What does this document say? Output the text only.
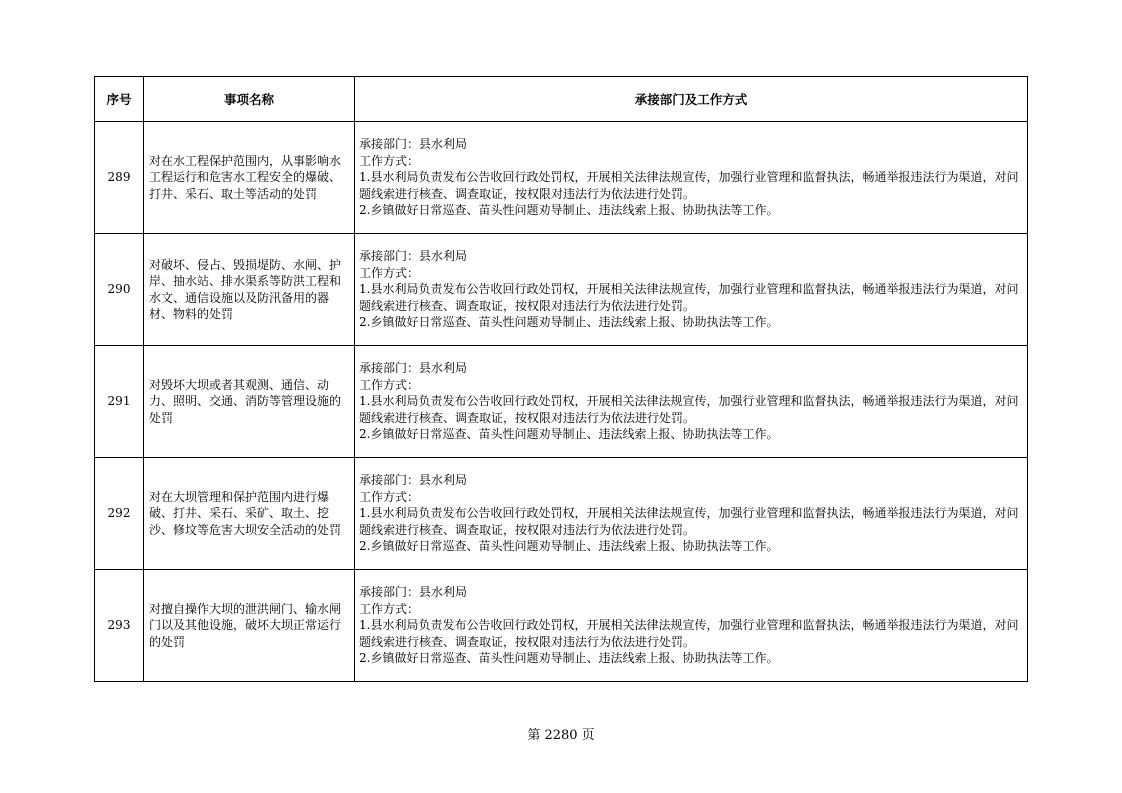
序号	事项名称	承接部门及工作方式
289	对在水工程保护范围内，从事影响水工程运行和危害水工程安全的爆破、打井、采石、取土等活动的处罚	承接部门：县水利局
工作方式：
1.县水利局负责发布公告收回行政处罚权，开展相关法律法规宣传，加强行业管理和监督执法，畅通举报违法行为渠道，对问题线索进行核查、调查取证，按权限对违法行为依法进行处罚。
2.乡镇做好日常巡查、苗头性问题劝导制止、违法线索上报、协助执法等工作。

290	对破坏、侵占、毁损堤防、水闸、护岸、抽水站、排水渠系等防洪工程和水文、通信设施以及防汛备用的器材、物料的处罚	承接部门：县水利局
工作方式：
1.县水利局负责发布公告收回行政处罚权，开展相关法律法规宣传，加强行业管理和监督执法，畅通举报违法行为渠道，对问题线索进行核查、调查取证，按权限对违法行为依法进行处罚。
2.乡镇做好日常巡查、苗头性问题劝导制止、违法线索上报、协助执法等工作。

291	对毁坏大坝或者其观测、通信、动力、照明、交通、消防等管理设施的处罚	承接部门：县水利局
工作方式：
1.县水利局负责发布公告收回行政处罚权，开展相关法律法规宣传，加强行业管理和监督执法，畅通举报违法行为渠道，对问题线索进行核查、调查取证，按权限对违法行为依法进行处罚。
2.乡镇做好日常巡查、苗头性问题劝导制止、违法线索上报、协助执法等工作。

292	对在大坝管理和保护范围内进行爆破、打井、采石、采矿、取土、挖沙、修坟等危害大坝安全活动的处罚	承接部门：县水利局
工作方式：
1.县水利局负责发布公告收回行政处罚权，开展相关法律法规宣传，加强行业管理和监督执法，畅通举报违法行为渠道，对问题线索进行核查、调查取证，按权限对违法行为依法进行处罚。
2.乡镇做好日常巡查、苗头性问题劝导制止、违法线索上报、协助执法等工作。

293	对擅自操作大坝的泄洪闸门、输水闸门以及其他设施，破坏大坝正常运行的处罚	承接部门：县水利局
工作方式：
1.县水利局负责发布公告收回行政处罚权，开展相关法律法规宣传，加强行业管理和监督执法，畅通举报违法行为渠道，对问题线索进行核查、调查取证，按权限对违法行为依法进行处罚。
2.乡镇做好日常巡查、苗头性问题劝导制止、违法线索上报、协助执法等工作。
第 2280 页
